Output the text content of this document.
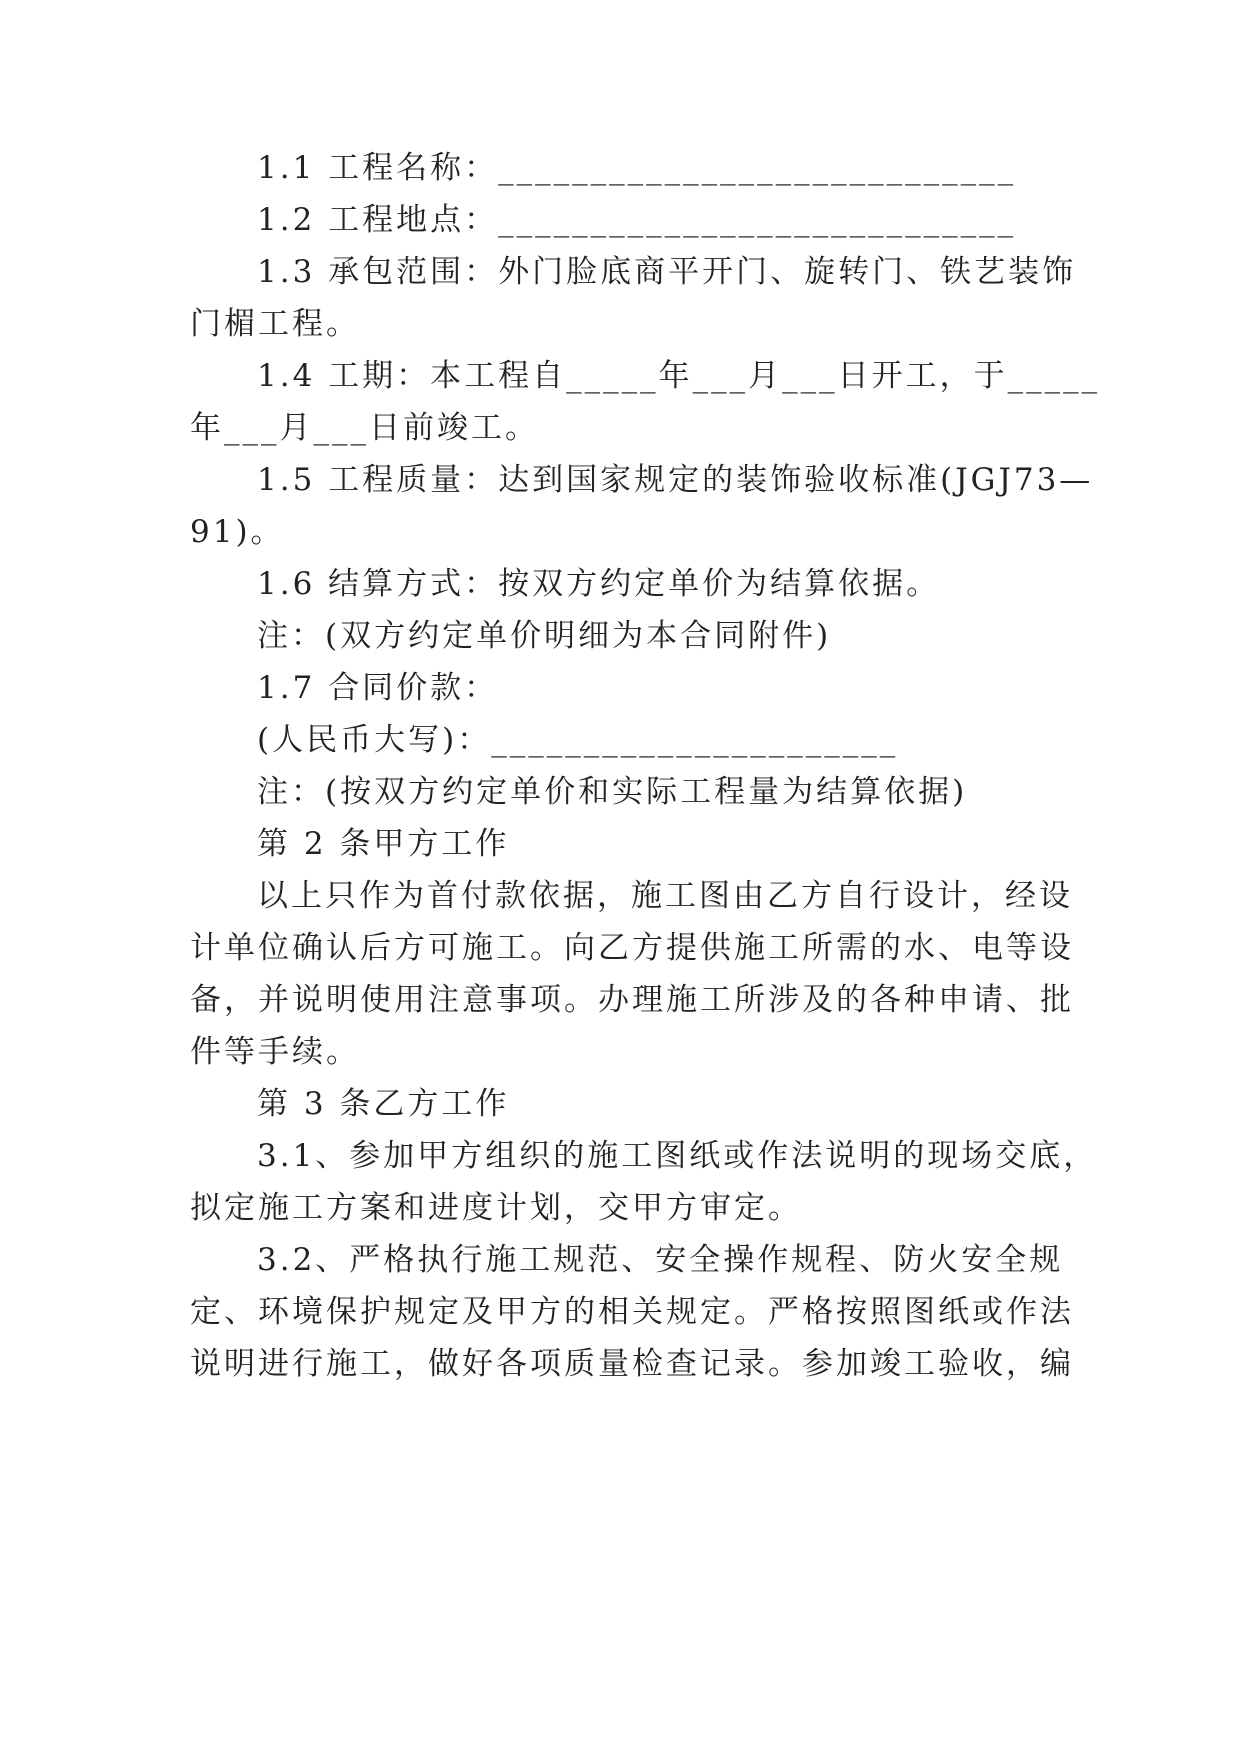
1.1 工程名称：____________________________

1.2 工程地点：____________________________

1.3 承包范围：外门脸底商平开门、旋转门、铁艺装饰

门楣工程。

1.4 工期：本工程自_____年___月___日开工，于_____

年___月___日前竣工。

1.5 工程质量：达到国家规定的装饰验收标准(JGJ73—

91)。

1.6 结算方式：按双方约定单价为结算依据。

注：(双方约定单价明细为本合同附件)

1.7 合同价款：

(人民币大写)：______________________

注：(按双方约定单价和实际工程量为结算依据)

第 2 条甲方工作

以上只作为首付款依据，施工图由乙方自行设计，经设

计单位确认后方可施工。向乙方提供施工所需的水、电等设

备，并说明使用注意事项。办理施工所涉及的各种申请、批

件等手续。

第 3 条乙方工作

3.1、参加甲方组织的施工图纸或作法说明的现场交底，

拟定施工方案和进度计划，交甲方审定。

3.2、严格执行施工规范、安全操作规程、防火安全规

定、环境保护规定及甲方的相关规定。严格按照图纸或作法

说明进行施工，做好各项质量检查记录。参加竣工验收，编
